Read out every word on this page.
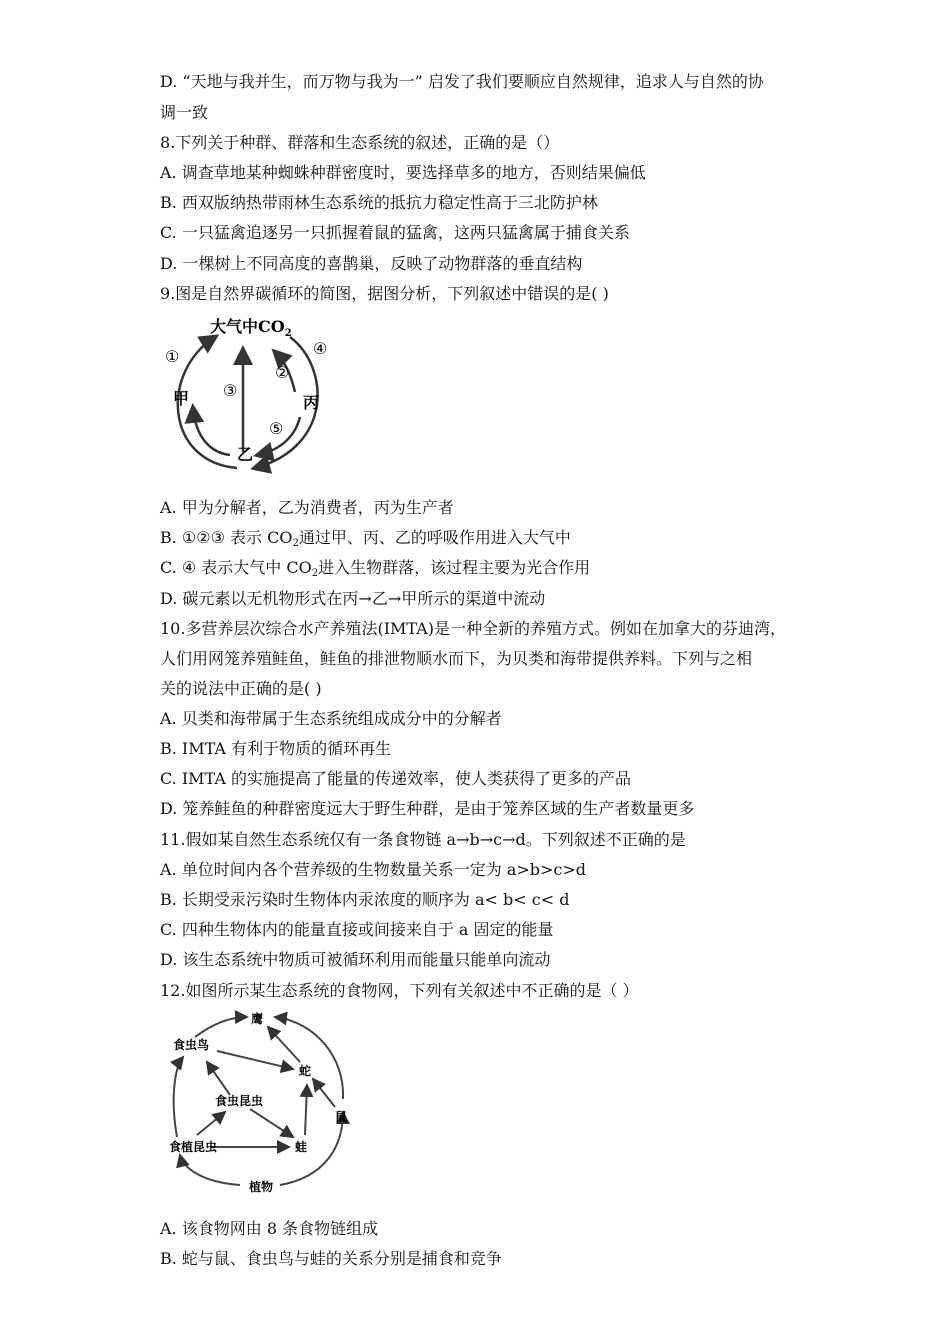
D. “天地与我并生，而万物与我为一” 启发了我们要顺应自然规律，追求人与自然的协
调一致
8.下列关于种群、群落和生态系统的叙述，正确的是（）
A. 调查草地某种蜘蛛种群密度时，要选择草多的地方，否则结果偏低
B. 西双版纳热带雨林生态系统的抵抗力稳定性高于三北防护林
C. 一只猛禽追逐另一只抓握着鼠的猛禽，这两只猛禽属于捕食关系
D. 一棵树上不同高度的喜鹊巢，反映了动物群落的垂直结构
9.图是自然界碳循环的简图，据图分析，下列叙述中错误的是( )
大气中$CO_2$
甲	丙
乙
①
②
③
④
⑤
A. 甲为分解者，乙为消费者，丙为生产者
B. ①②③ 表示 $CO_2$通过甲、丙、乙的呼吸作用进入大气中
C. ④ 表示大气中 $CO_2$进入生物群落，该过程主要为光合作用
D. 碳元素以无机物形式在丙→乙→甲所示的渠道中流动
10.多营养层次综合水产养殖法(IMTA)是一种全新的养殖方式。例如在加拿大的芬迪湾，
人们用网笼养殖鲑鱼，鲑鱼的排泄物顺水而下，为贝类和海带提供养料。下列与之相
关的说法中正确的是( )
A. 贝类和海带属于生态系统组成成分中的分解者
B. IMTA 有利于物质的循环再生
C. IMTA 的实施提高了能量的传递效率，使人类获得了更多的产品
D. 笼养鲑鱼的种群密度远大于野生种群，是由于笼养区域的生产者数量更多
11.假如某自然生态系统仅有一条食物链 a→b→c→d。下列叙述不正确的是
A. 单位时间内各个营养级的生物数量关系一定为 a>b>c>d
B. 长期受汞污染时生物体内汞浓度的顺序为 a< b< c< d
C. 四种生物体内的能量直接或间接来自于 a 固定的能量
D. 该生态系统中物质可被循环利用而能量只能单向流动
12.如图所示某生态系统的食物网，下列有关叙述中不正确的是（ ）
鹰
食虫鸟
蛇
食虫昆虫
鼠
食植昆虫	蛙
植物
A. 该食物网由 8 条食物链组成
B. 蛇与鼠、食虫鸟与蛙的关系分别是捕食和竞争
